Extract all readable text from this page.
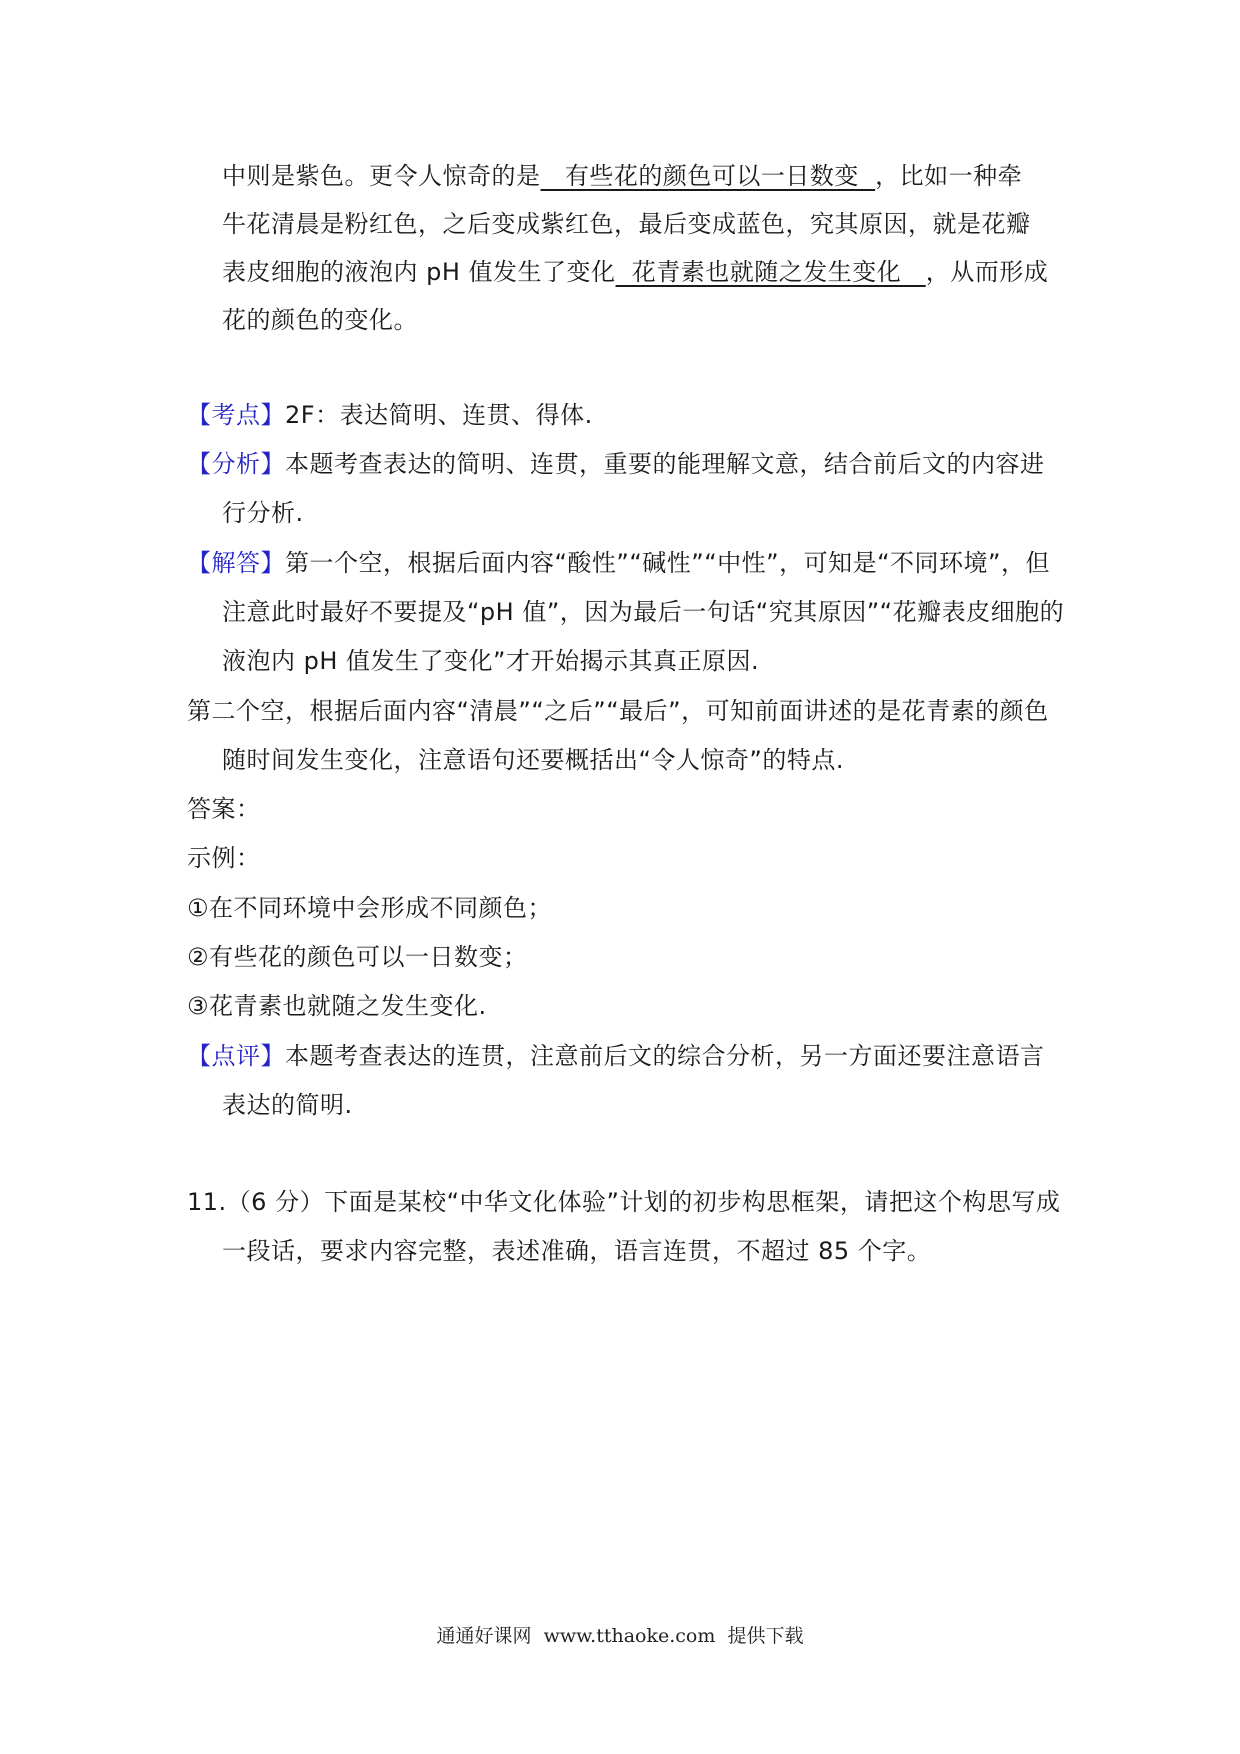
中则是紫色。更令人惊奇的是   有些花的颜色可以一日数变  ，比如一种牵
牛花清晨是粉红色，之后变成紫红色，最后变成蓝色，究其原因，就是花瓣
表皮细胞的液泡内 pH 值发生了变化  花青素也就随之发生变化   ，从而形成
花的颜色的变化。
【考点】2F：表达简明、连贯、得体.
【分析】本题考查表达的简明、连贯，重要的能理解文意，结合前后文的内容进
行分析.
【解答】第一个空，根据后面内容“酸性”“碱性”“中性”，可知是“不同环境”，但
注意此时最好不要提及“pH 值”，因为最后一句话“究其原因”“花瓣表皮细胞的
液泡内 pH 值发生了变化”才开始揭示其真正原因.
第二个空，根据后面内容“清晨”“之后”“最后”，可知前面讲述的是花青素的颜色
随时间发生变化，注意语句还要概括出“令人惊奇”的特点.
答案：
示例：
①在不同环境中会形成不同颜色；
②有些花的颜色可以一日数变；
③花青素也就随之发生变化.
【点评】本题考查表达的连贯，注意前后文的综合分析，另一方面还要注意语言
表达的简明.
11.（6 分）下面是某校“中华文化体验”计划的初步构思框架，请把这个构思写成
一段话，要求内容完整，表述准确，语言连贯，不超过 85 个字。
通通好课网  www.tthaoke.com  提供下载
